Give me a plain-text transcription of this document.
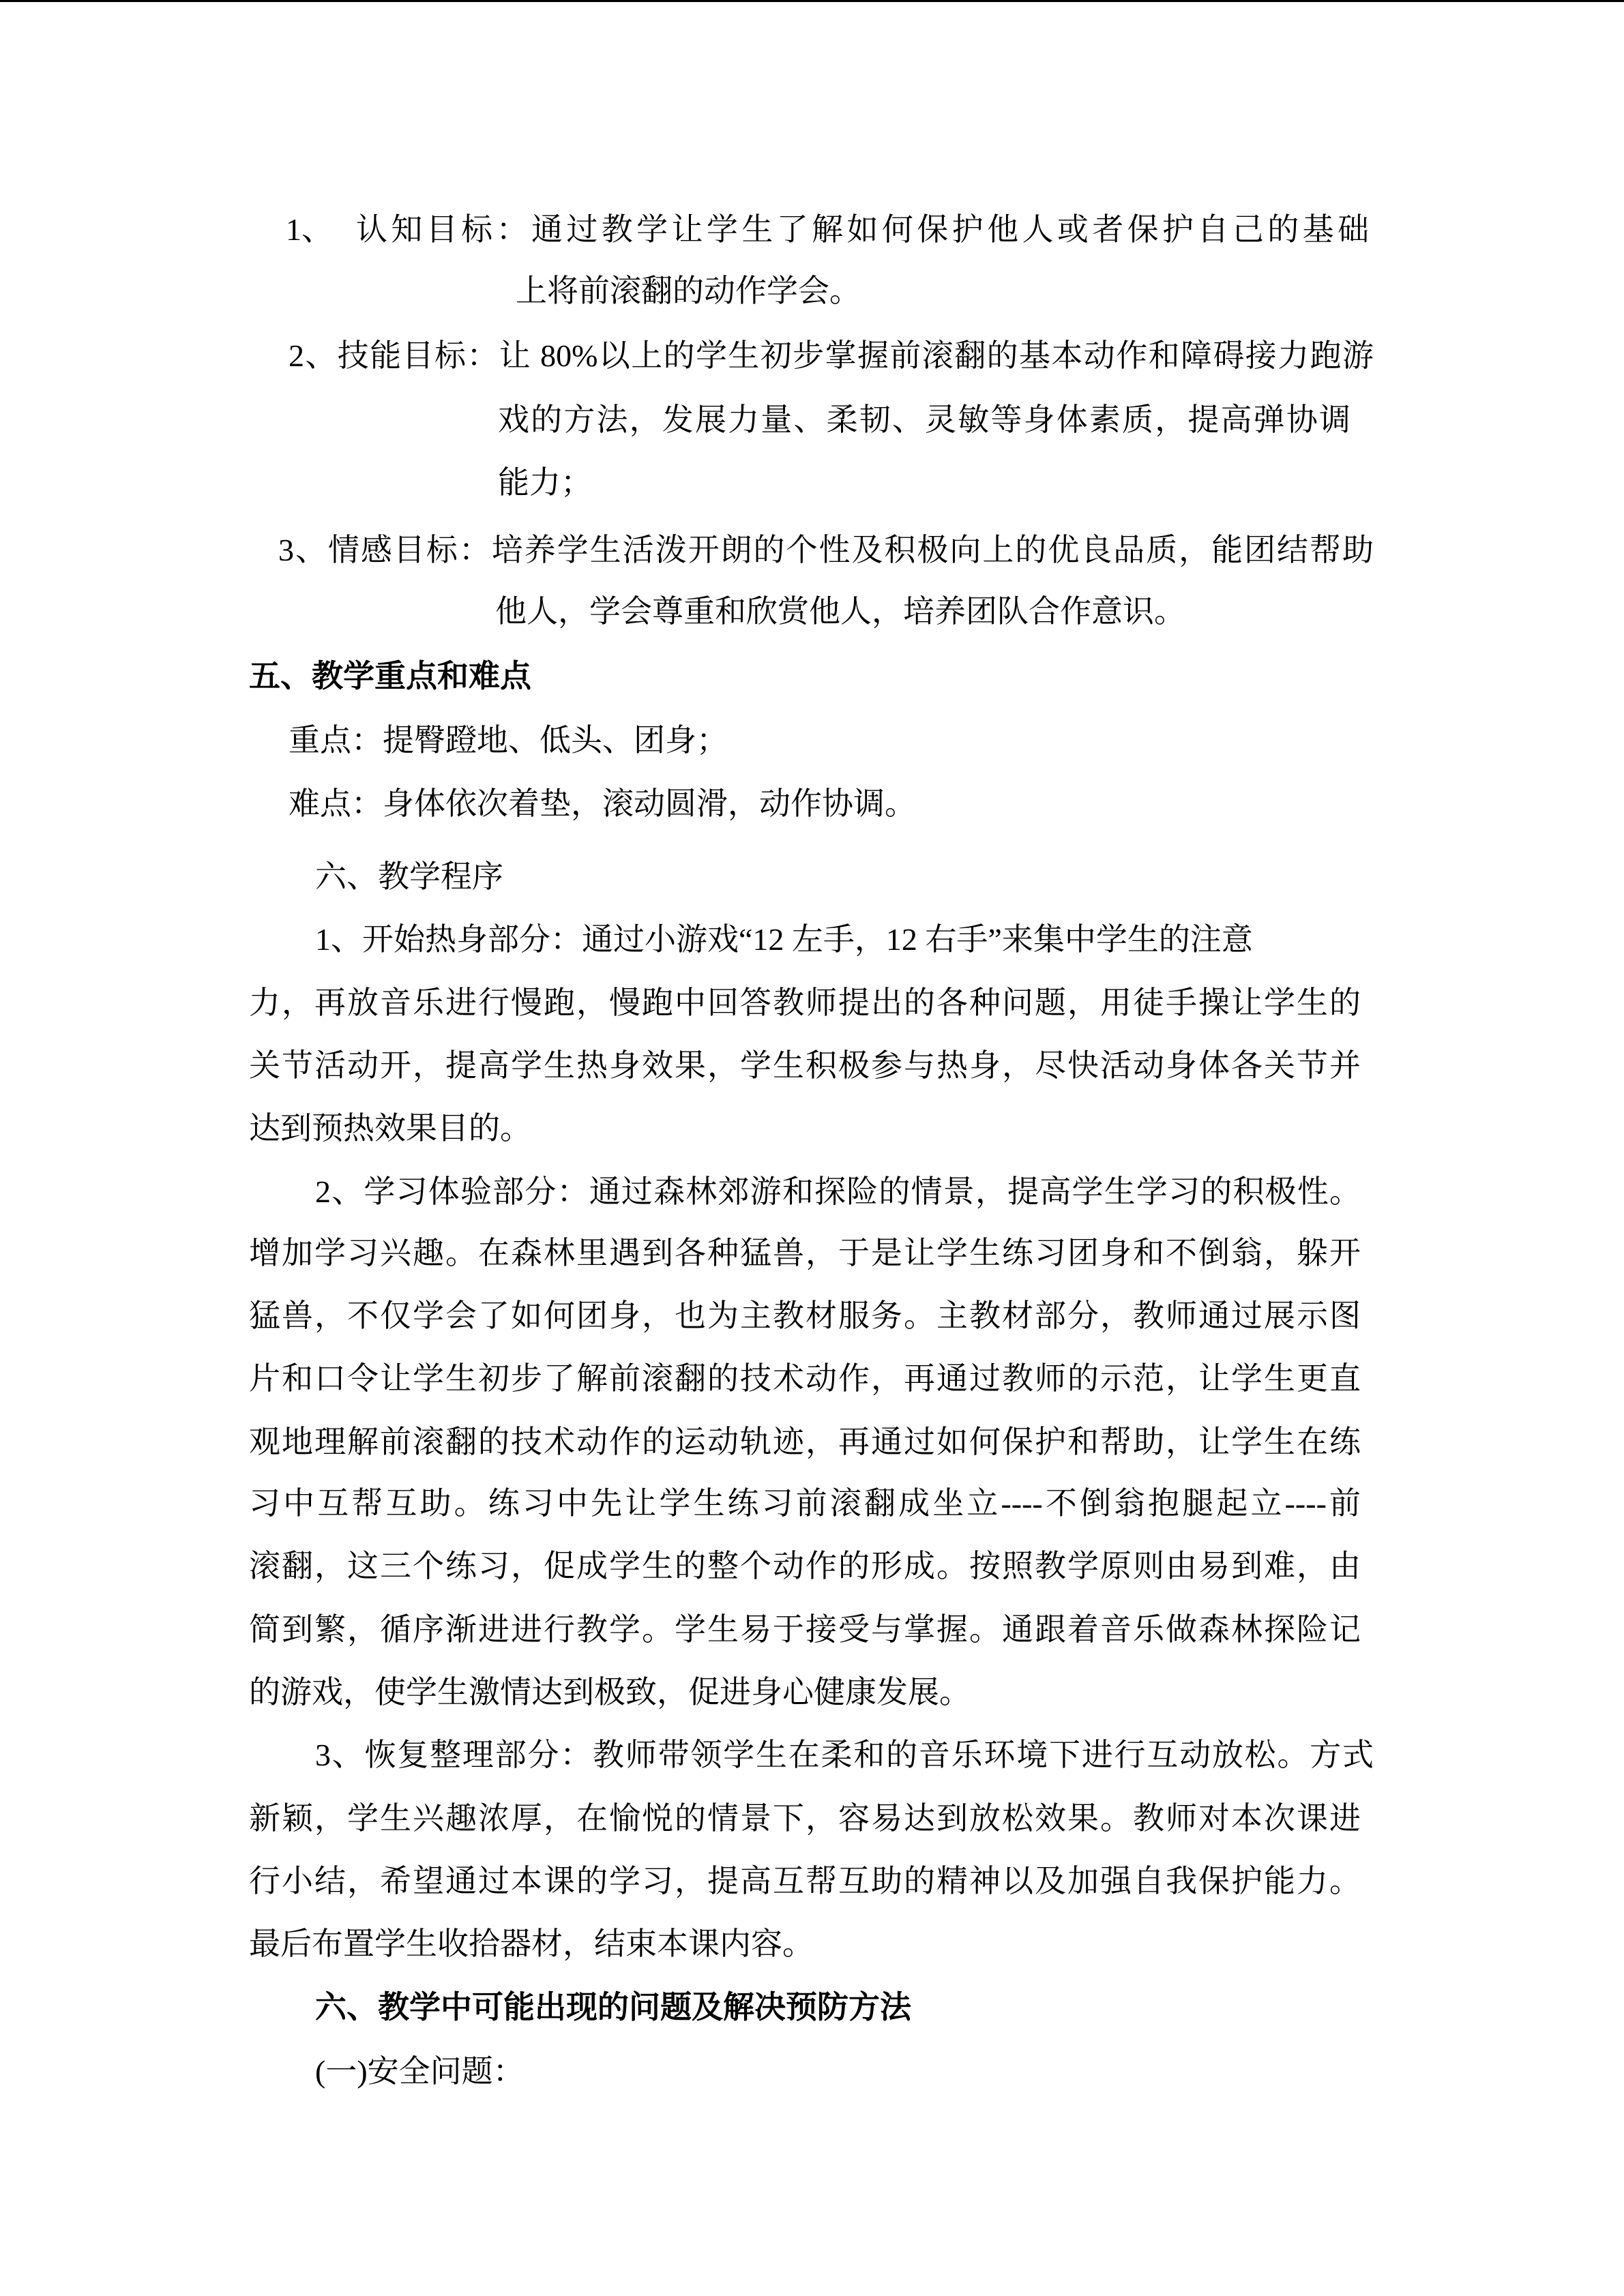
1、 认知目标：通过教学让学生了解如何保护他人或者保护自己的基础
上将前滚翻的动作学会。
2、技能目标：让 80%以上的学生初步掌握前滚翻的基本动作和障碍接力跑游
戏的方法，发展力量、柔韧、灵敏等身体素质，提高弹协调
能力；
3、情感目标：培养学生活泼开朗的个性及积极向上的优良品质，能团结帮助
他人，学会尊重和欣赏他人，培养团队合作意识。
五、教学重点和难点
重点：提臀蹬地、低头、团身；
难点：身体依次着垫，滚动圆滑，动作协调。
六、教学程序
1、开始热身部分：通过小游戏“12 左手，12 右手”来集中学生的注意
力，再放音乐进行慢跑，慢跑中回答教师提出的各种问题，用徒手操让学生的
关节活动开，提高学生热身效果，学生积极参与热身，尽快活动身体各关节并
达到预热效果目的。
2、学习体验部分：通过森林郊游和探险的情景，提高学生学习的积极性。
增加学习兴趣。在森林里遇到各种猛兽，于是让学生练习团身和不倒翁，躲开
猛兽，不仅学会了如何团身，也为主教材服务。主教材部分，教师通过展示图
片和口令让学生初步了解前滚翻的技术动作，再通过教师的示范，让学生更直
观地理解前滚翻的技术动作的运动轨迹，再通过如何保护和帮助，让学生在练
习中互帮互助。练习中先让学生练习前滚翻成坐立----不倒翁抱腿起立----前
滚翻，这三个练习，促成学生的整个动作的形成。按照教学原则由易到难，由
简到繁，循序渐进进行教学。学生易于接受与掌握。通跟着音乐做森林探险记
的游戏，使学生激情达到极致，促进身心健康发展。
3、恢复整理部分：教师带领学生在柔和的音乐环境下进行互动放松。方式
新颖，学生兴趣浓厚，在愉悦的情景下，容易达到放松效果。教师对本次课进
行小结，希望通过本课的学习，提高互帮互助的精神以及加强自我保护能力。
最后布置学生收拾器材，结束本课内容。
六、教学中可能出现的问题及解决预防方法
(一)安全问题：
